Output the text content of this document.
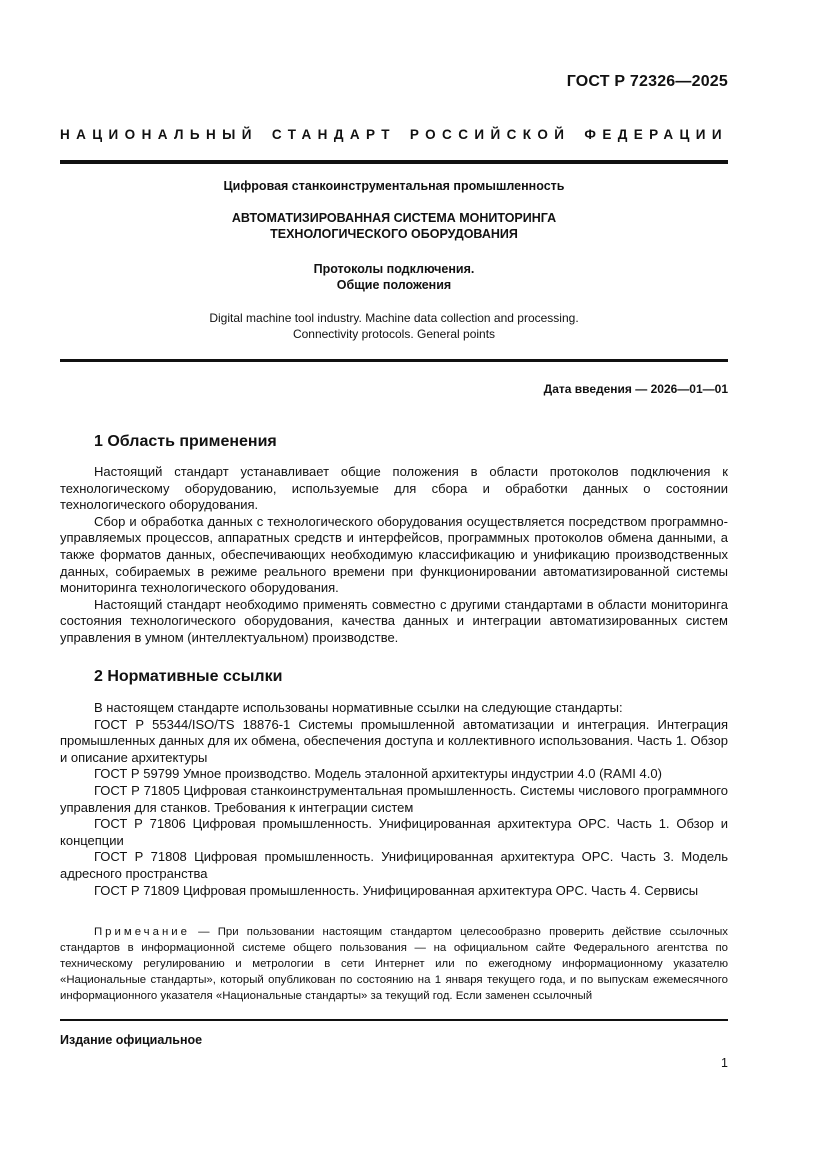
ГОСТ Р 72326—2025
НАЦИОНАЛЬНЫЙ СТАНДАРТ РОССИЙСКОЙ ФЕДЕРАЦИИ
Цифровая станкоинструментальная промышленность
АВТОМАТИЗИРОВАННАЯ СИСТЕМА МОНИТОРИНГА
ТЕХНОЛОГИЧЕСКОГО ОБОРУДОВАНИЯ
Протоколы подключения.
Общие положения
Digital machine tool industry. Machine data collection and processing.
Connectivity protocols. General points
Дата введения — 2026—01—01
1 Область применения

Настоящий стандарт устанавливает общие положения в области протоколов подключения к технологическому оборудованию, используемые для сбора и обработки данных о состоянии технологического оборудования.

Сбор и обработка данных с технологического оборудования осуществляется посредством программно-управляемых процессов, аппаратных средств и интерфейсов, программных протоколов обмена данными, а также форматов данных, обеспечивающих необходимую классификацию и унификацию производственных данных, собираемых в режиме реального времени при функционировании автоматизированной системы мониторинга технологического оборудования.

Настоящий стандарт необходимо применять совместно с другими стандартами в области мониторинга состояния технологического оборудования, качества данных и интеграции автоматизированных систем управления в умном (интеллектуальном) производстве.

2 Нормативные ссылки

В настоящем стандарте использованы нормативные ссылки на следующие стандарты:

ГОСТ Р 55344/ISO/TS 18876-1 Системы промышленной автоматизации и интеграция. Интеграция промышленных данных для их обмена, обеспечения доступа и коллективного использования. Часть 1. Обзор и описание архитектуры

ГОСТ Р 59799 Умное производство. Модель эталонной архитектуры индустрии 4.0 (RAMI 4.0)

ГОСТ Р 71805 Цифровая станкоинструментальная промышленность. Системы числового программного управления для станков. Требования к интеграции систем

ГОСТ Р 71806 Цифровая промышленность. Унифицированная архитектура OPC. Часть 1. Обзор и концепции

ГОСТ Р 71808 Цифровая промышленность. Унифицированная архитектура OPC. Часть 3. Модель адресного пространства

ГОСТ Р 71809 Цифровая промышленность. Унифицированная архитектура OPC. Часть 4. Сервисы

Примечание — При пользовании настоящим стандартом целесообразно проверить действие ссылочных стандартов в информационной системе общего пользования — на официальном сайте Федерального агентства по техническому регулированию и метрологии в сети Интернет или по ежегодному информационному указателю «Национальные стандарты», который опубликован по состоянию на 1 января текущего года, и по выпускам ежемесячного информационного указателя «Национальные стандарты» за текущий год. Если заменен ссылочный

Издание официальное
1
